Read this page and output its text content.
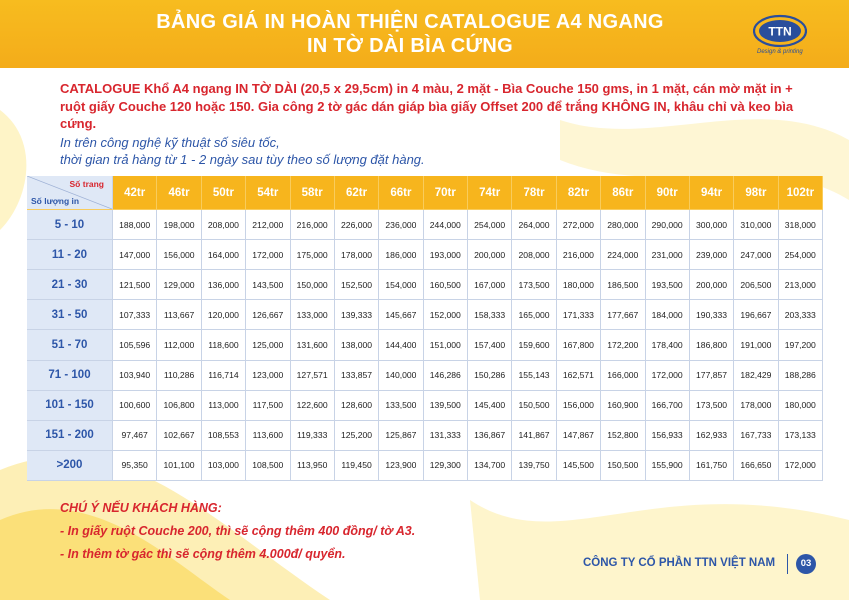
BẢNG GIÁ IN HOÀN THIỆN CATALOGUE A4 NGANG
IN TỜ DÀI BÌA CỨNG
TTN
Design & printing
CATALOGUE Khổ A4 ngang IN TỜ DÀI (20,5 x 29,5cm) in 4 màu, 2 mặt - Bìa Couche 150 gms, in 1 mặt, cán mờ mặt in + ruột giấy Couche 120 hoặc 150. Gia công 2 tờ gác dán giáp bìa giấy Offset 200 để trắng KHÔNG IN, khâu chỉ và keo bìa cứng.
In trên công nghệ kỹ thuật số siêu tốc,
thời gian trả hàng từ 1 - 2 ngày sau tùy theo số lượng đặt hàng.
Số trang
Số lượng in	42tr	46tr	50tr	54tr	58tr	62tr	66tr	70tr	74tr	78tr	82tr	86tr	90tr	94tr	98tr	102tr
5 - 10	188,000	198,000	208,000	212,000	216,000	226,000	236,000	244,000	254,000	264,000	272,000	280,000	290,000	300,000	310,000	318,000
11 - 20	147,000	156,000	164,000	172,000	175,000	178,000	186,000	193,000	200,000	208,000	216,000	224,000	231,000	239,000	247,000	254,000
21 - 30	121,500	129,000	136,000	143,500	150,000	152,500	154,000	160,500	167,000	173,500	180,000	186,500	193,500	200,000	206,500	213,000
31 - 50	107,333	113,667	120,000	126,667	133,000	139,333	145,667	152,000	158,333	165,000	171,333	177,667	184,000	190,333	196,667	203,333
51 - 70	105,596	112,000	118,600	125,000	131,600	138,000	144,400	151,000	157,400	159,600	167,800	172,200	178,400	186,800	191,000	197,200
71 - 100	103,940	110,286	116,714	123,000	127,571	133,857	140,000	146,286	150,286	155,143	162,571	166,000	172,000	177,857	182,429	188,286
101 - 150	100,600	106,800	113,000	117,500	122,600	128,600	133,500	139,500	145,400	150,500	156,000	160,900	166,700	173,500	178,000	180,000
151 - 200	97,467	102,667	108,553	113,600	119,333	125,200	125,867	131,333	136,867	141,867	147,867	152,800	156,933	162,933	167,733	173,133
>200	95,350	101,100	103,000	108,500	113,950	119,450	123,900	129,300	134,700	139,750	145,500	150,500	155,900	161,750	166,650	172,000
CHÚ Ý NẾU KHÁCH HÀNG:
- In giấy ruột Couche 200, thì sẽ cộng thêm 400 đồng/ tờ A3.
- In thêm tờ gác thì sẽ cộng thêm 4.000đ/ quyển.
CÔNG TY CỔ PHẦN TTN VIỆT NAM	03
